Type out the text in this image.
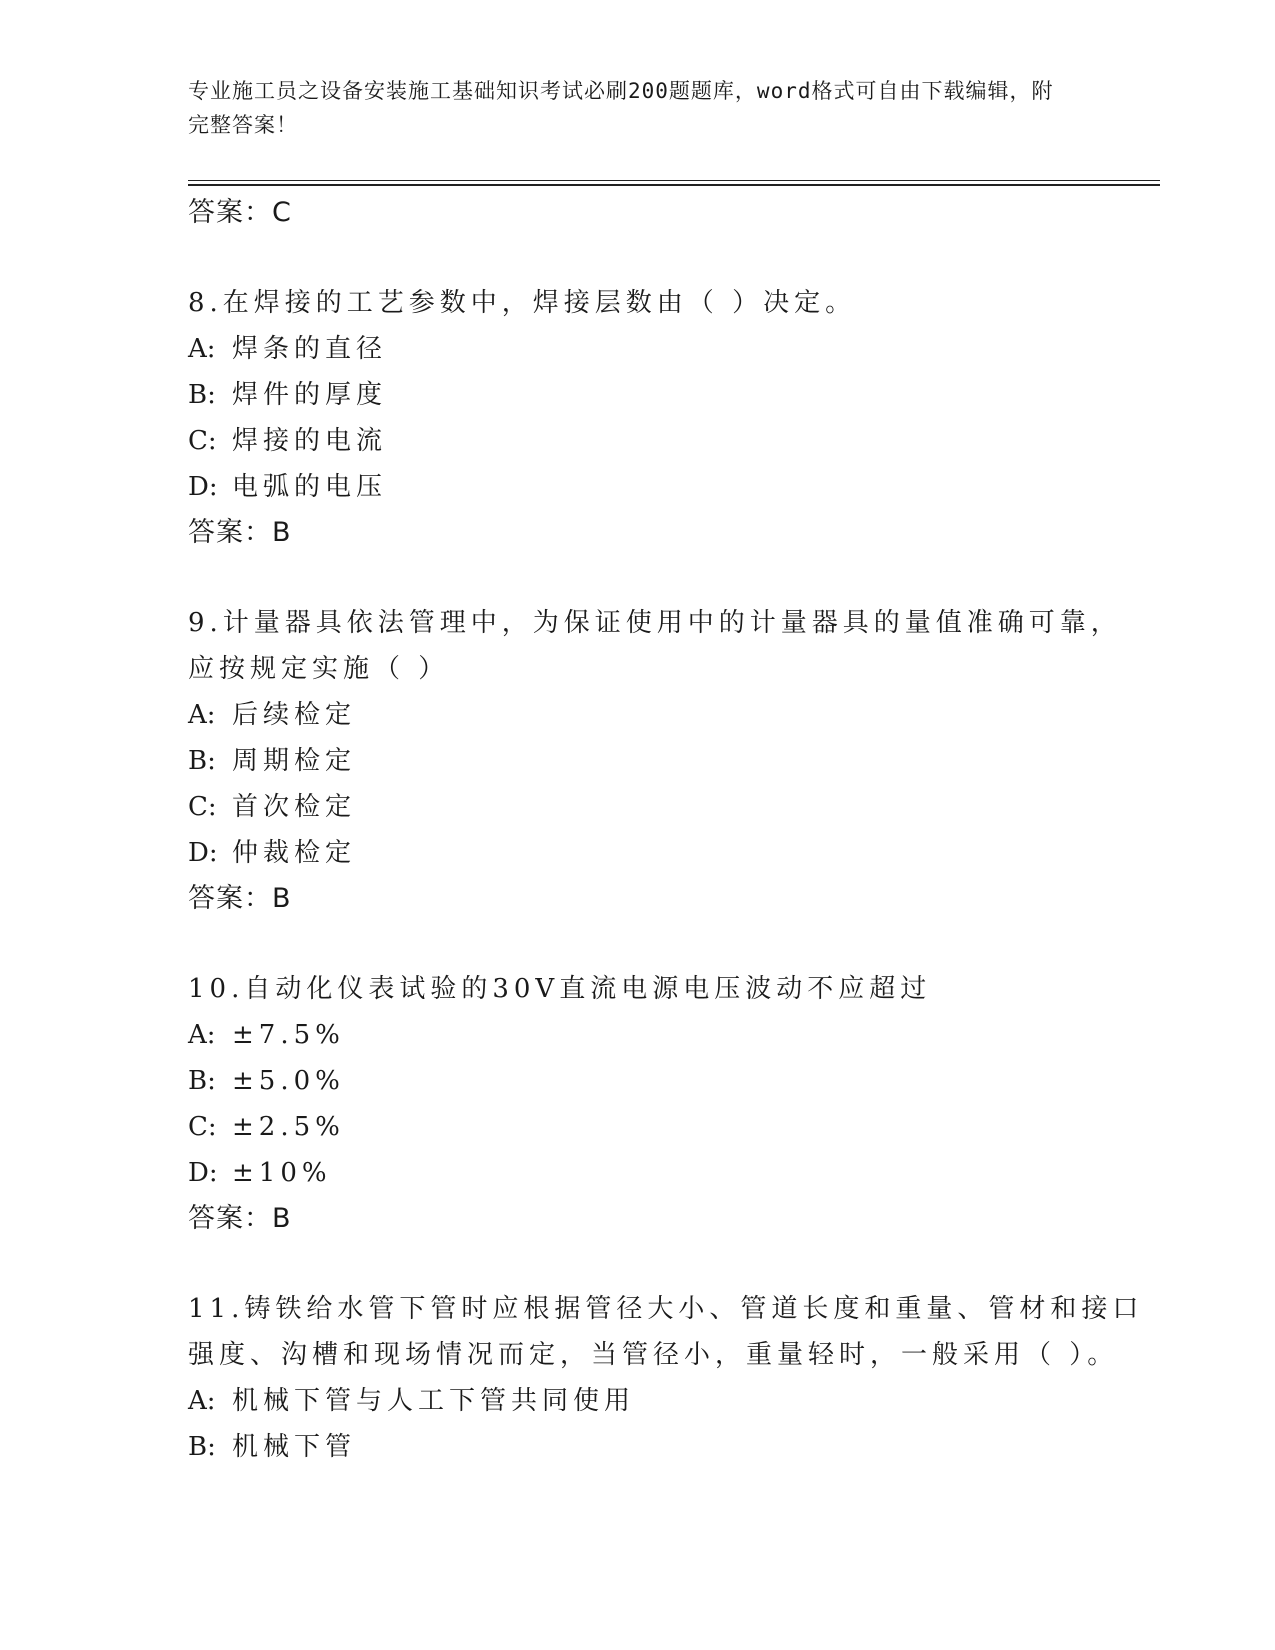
专业施工员之设备安装施工基础知识考试必刷200题题库，word格式可自由下载编辑，附完整答案！
答案：C
8.在焊接的工艺参数中，焊接层数由（ ）决定。
A: 焊条的直径
B: 焊件的厚度
C: 焊接的电流
D: 电弧的电压
答案：B
9.计量器具依法管理中，为保证使用中的计量器具的量值准确可靠，应按规定实施（ ）
A: 后续检定
B: 周期检定
C: 首次检定
D: 仲裁检定
答案：B
10.自动化仪表试验的30V直流电源电压波动不应超过
A: ±7.5%
B: ±5.0%
C: ±2.5%
D: ±10%
答案：B
11.铸铁给水管下管时应根据管径大小、管道长度和重量、管材和接口强度、沟槽和现场情况而定，当管径小，重量轻时，一般采用（ ）。
A: 机械下管与人工下管共同使用
B: 机械下管
